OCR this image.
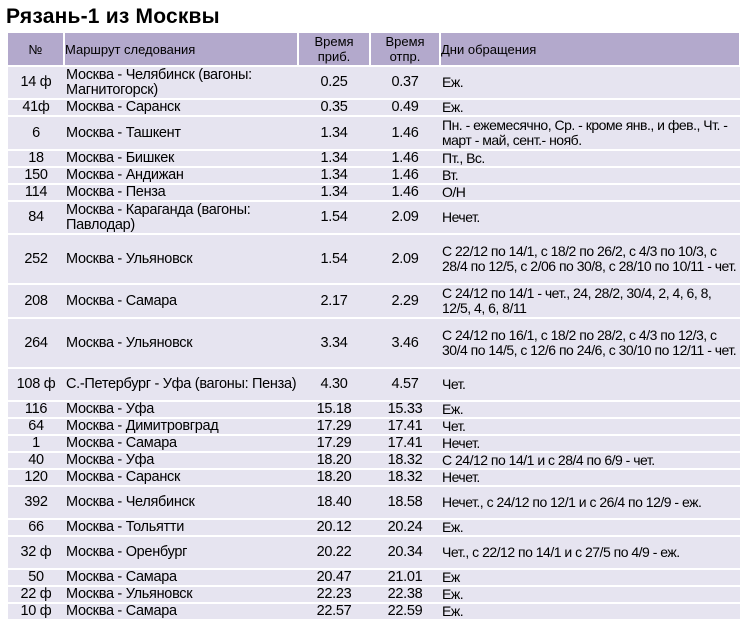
Рязань-1 из Москвы
№	Маршрут следования	Время приб.	Время отпр.	Дни обращения
14 ф	Москва - Челябинск (вагоны: Магнитогорск)	0.25	0.37	Еж.
41ф	Москва - Саранск	0.35	0.49	Еж.
6	Москва - Ташкент	1.34	1.46	Пн. - ежемесячно, Ср. - кроме янв., и фев., Чт. - март - май, сент.- нояб.
18	Москва - Бишкек	1.34	1.46	Пт., Вс.
150	Москва - Андижан	1.34	1.46	Вт.
114	Москва - Пенза	1.34	1.46	О/Н
84	Москва - Караганда (вагоны: Павлодар)	1.54	2.09	Нечет.
252	Москва - Ульяновск	1.54	2.09	С 22/12 по 14/1, с 18/2 по 26/2, с 4/3 по 10/3, с 28/4 по 12/5, с 2/06 по 30/8, с 28/10 по 10/11 - чет.
208	Москва - Самара	2.17	2.29	С 24/12 по 14/1 - чет., 24, 28/2, 30/4, 2, 4, 6, 8, 12/5, 4, 6, 8/11
264	Москва - Ульяновск	3.34	3.46	С 24/12 по 16/1, с 18/2 по 28/2, с 4/3 по 12/3, с 30/4 по 14/5, с 12/6 по 24/6, с 30/10 по 12/11 - чет.
108 ф	С.-Петербург - Уфа (вагоны: Пенза)	4.30	4.57	Чет.
116	Москва - Уфа	15.18	15.33	Еж.
64	Москва - Димитровград	17.29	17.41	Чет.
1	Москва - Самара	17.29	17.41	Нечет.
40	Москва - Уфа	18.20	18.32	С 24/12 по 14/1 и с 28/4 по 6/9 - чет.
120	Москва - Саранск	18.20	18.32	Нечет.
392	Москва - Челябинск	18.40	18.58	Нечет., с 24/12 по 12/1 и с 26/4 по 12/9 - еж.
66	Москва - Тольятти	20.12	20.24	Еж.
32 ф	Москва - Оренбург	20.22	20.34	Чет., с 22/12 по 14/1 и с 27/5 по 4/9 - еж.
50	Москва - Самара	20.47	21.01	Еж
22 ф	Москва - Ульяновск	22.23	22.38	Еж.
10 ф	Москва - Самара	22.57	22.59	Еж.
